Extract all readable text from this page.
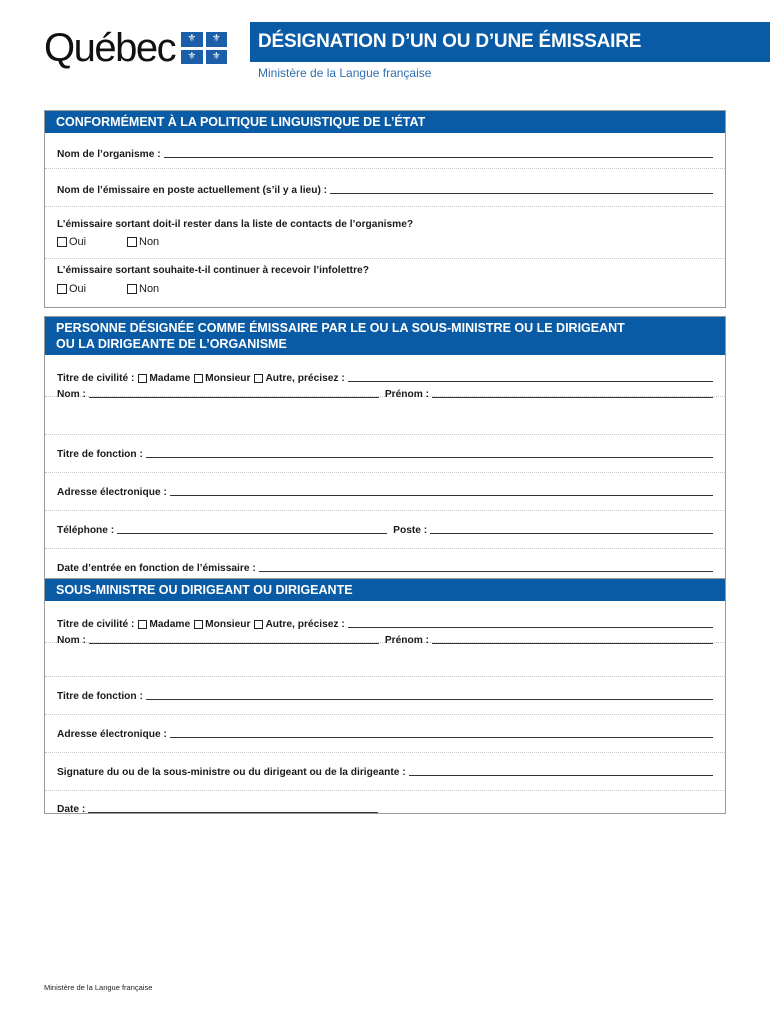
Québec	⚜	⚜
⚜	⚜
DÉSIGNATION D’UN OU D’UNE ÉMISSAIRE
Ministère de la Langue française
CONFORMÉMENT À LA POLITIQUE LINGUISTIQUE DE L’ÉTAT
Nom de l’organisme :
Nom de l’émissaire en poste actuellement (s’il y a lieu) :
L’émissaire sortant doit-il rester dans la liste de contacts de l’organisme?
Oui	Non
L’émissaire sortant souhaite-t-il continuer à recevoir l’infolettre?
Oui	Non
PERSONNE DÉSIGNÉE COMME ÉMISSAIRE PAR LE OU LA SOUS-MINISTRE OU LE DIRIGEANT
OU LA DIRIGEANTE DE L’ORGANISME
Titre de civilité : Madame Monsieur Autre, précisez :
Nom :	Prénom :
Titre de fonction :
Adresse électronique :
Téléphone :	Poste :
Date d’entrée en fonction de l’émissaire :
SOUS-MINISTRE OU DIRIGEANT OU DIRIGEANTE
Titre de civilité : Madame Monsieur Autre, précisez :
Nom :	Prénom :
Titre de fonction :
Adresse électronique :
Signature du ou de la sous-ministre ou du dirigeant ou de la dirigeante :
Date :
Ministère de la Langue française
